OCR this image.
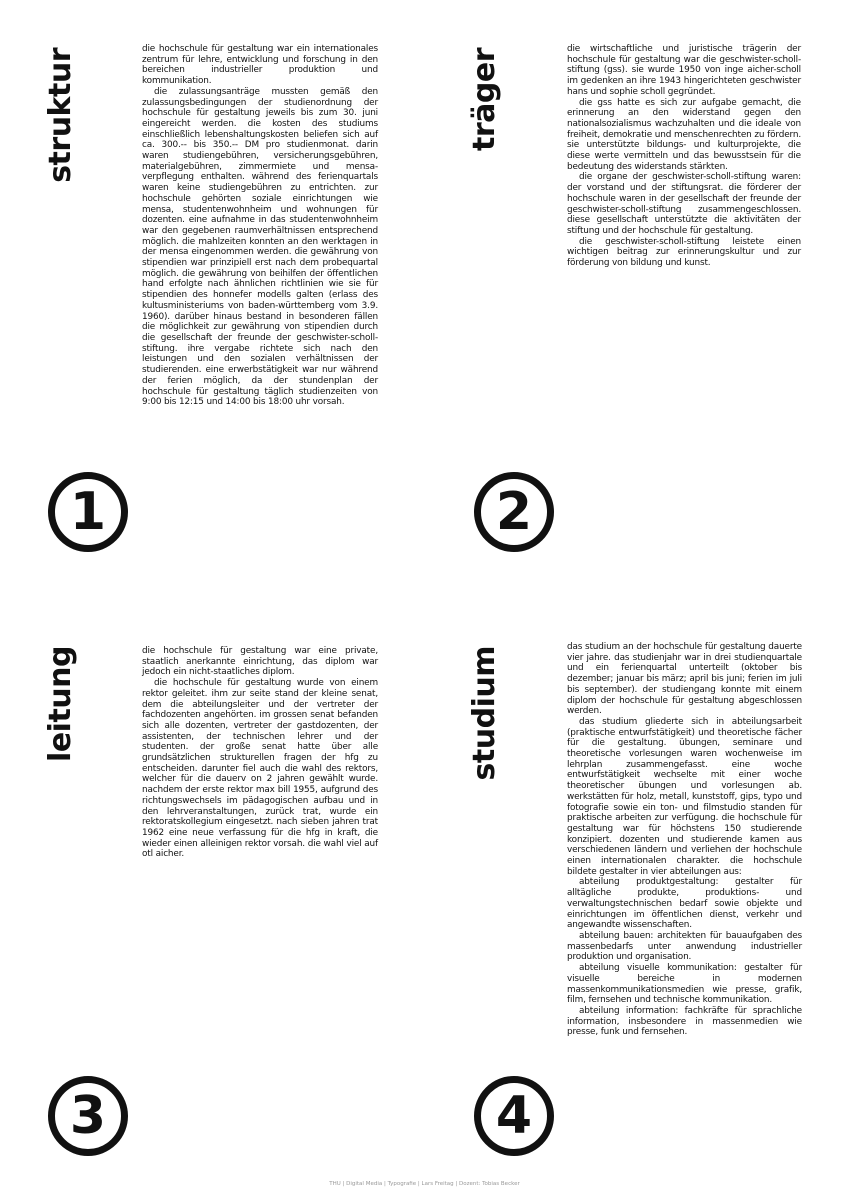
struktur	die hochschule für gestaltung war ein internationales zentrum für lehre, entwicklung und forschung in den bereichen industrieller produktion und kommunikation.

die zulassungsanträge mussten gemäß den zulassungsbedingungen der studienordnung der hochschule für gestaltung jeweils bis zum 30. juni eingereicht werden. die kosten des studiums einschließlich lebenshaltungskosten beliefen sich auf ca. 300.-- bis 350.-- DM pro studienmonat. darin waren studiengebühren, versicherungsgebühren, materialgebühren, zimmermiete und mensa-verpflegung enthalten. während des ferienquartals waren keine studiengebühren zu entrichten. zur hochschule gehörten soziale einrichtungen wie mensa, studentenwohnheim und wohnungen für dozenten. eine aufnahme in das studentenwohnheim war den gegebenen raumverhältnissen entsprechend möglich. die mahlzeiten konnten an den werktagen in der mensa eingenommen werden. die gewährung von stipendien war prinzipiell erst nach dem probequartal möglich. die gewährung von beihilfen der öffentlichen hand erfolgte nach ähnlichen richtlinien wie sie für stipendien des honnefer modells galten (erlass des kultusministeriums von baden-württemberg vom 3.9. 1960). darüber hinaus bestand in besonderen fällen die möglichkeit zur gewährung von stipendien durch die gesellschaft der freunde der geschwister-scholl-stiftung. ihre vergabe richtete sich nach den leistungen und den sozialen verhältnissen der studierenden. eine erwerbstätigkeit war nur während der ferien möglich, da der stundenplan der hochschule für gestaltung täglich studienzeiten von 9:00 bis 12:15 und 14:00 bis 18:00 uhr vorsah.

1
träger	die wirtschaftliche und juristische trägerin der hochschule für gestaltung war die geschwister-scholl-stiftung (gss). sie wurde 1950 von inge aicher-scholl im gedenken an ihre 1943 hingerichteten geschwister hans und sophie scholl gegründet.

die gss hatte es sich zur aufgabe gemacht, die erinnerung an den widerstand gegen den nationalsozialismus wachzuhalten und die ideale von freiheit, demokratie und menschenrechten zu fördern. sie unterstützte bildungs- und kulturprojekte, die diese werte vermitteln und das bewusstsein für die bedeutung des widerstands stärkten.

die organe der geschwister-scholl-stiftung waren: der vorstand und der stiftungsrat. die förderer der hochschule waren in der gesellschaft der freunde der geschwister-scholl-stiftung zusammengeschlossen. diese gesellschaft unterstützte die aktivitäten der stiftung und der hochschule für gestaltung.

die geschwister-scholl-stiftung leistete einen wichtigen beitrag zur erinnerungskultur und zur förderung von bildung und kunst.

2
leitung	die hochschule für gestaltung war eine private, staatlich anerkannte einrichtung, das diplom war jedoch ein nicht-staatliches diplom.

die hochschule für gestaltung wurde von einem rektor geleitet. ihm zur seite stand der kleine senat, dem die abteilungsleiter und der vertreter der fachdozenten angehörten. im grossen senat befanden sich alle dozenten, vertreter der gastdozenten, der assistenten, der technischen lehrer und der studenten. der große senat hatte über alle grundsätzlichen strukturellen fragen der hfg zu entscheiden. darunter fiel auch die wahl des rektors, welcher für die dauerv on 2 jahren gewählt wurde. nachdem der erste rektor max bill 1955, aufgrund des richtungswechsels im pädagogischen aufbau und in den lehrveranstaltungen, zurück trat, wurde ein rektoratskollegium eingesetzt. nach sieben jahren trat 1962 eine neue verfassung für die hfg in kraft, die wieder einen alleinigen rektor vorsah. die wahl viel auf otl aicher.

3
studium	das studium an der hochschule für gestaltung dauerte vier jahre. das studienjahr war in drei studienquartale und ein ferienquartal unterteilt (oktober bis dezember; januar bis märz; april bis juni; ferien im juli bis september). der studiengang konnte mit einem diplom der hochschule für gestaltung abgeschlossen werden.

das studium gliederte sich in abteilungsarbeit (praktische entwurfstätigkeit) und theoretische fächer für die gestaltung. übungen, seminare und theoretische vorlesungen waren wochenweise im lehrplan zusammengefasst. eine woche entwurfstätigkeit wechselte mit einer woche theoretischer übungen und vorlesungen ab. werkstätten für holz, metall, kunststoff, gips, typo und fotografie sowie ein ton- und filmstudio standen für praktische arbeiten zur verfügung. die hochschule für gestaltung war für höchstens 150 studierende konzipiert. dozenten und studierende kamen aus verschiedenen ländern und verliehen der hochschule einen internationalen charakter. die hochschule bildete gestalter in vier abteilungen aus:

abteilung produktgestaltung: gestalter für alltägliche produkte, produktions- und verwaltungstechnischen bedarf sowie objekte und einrichtungen im öffentlichen dienst, verkehr und angewandte wissenschaften.

abteilung bauen: architekten für bauaufgaben des massenbedarfs unter anwendung industrieller produktion und organisation.

abteilung visuelle kommunikation: gestalter für visuelle bereiche in modernen massenkommunikationsmedien wie presse, grafik, film, fernsehen und technische kommunikation.

abteilung information: fachkräfte für sprachliche information, insbesondere in massenmedien wie presse, funk und fernsehen.

4
THU | Digital Media | Typografie | Lars Freitag | Dozent: Tobias Becker
